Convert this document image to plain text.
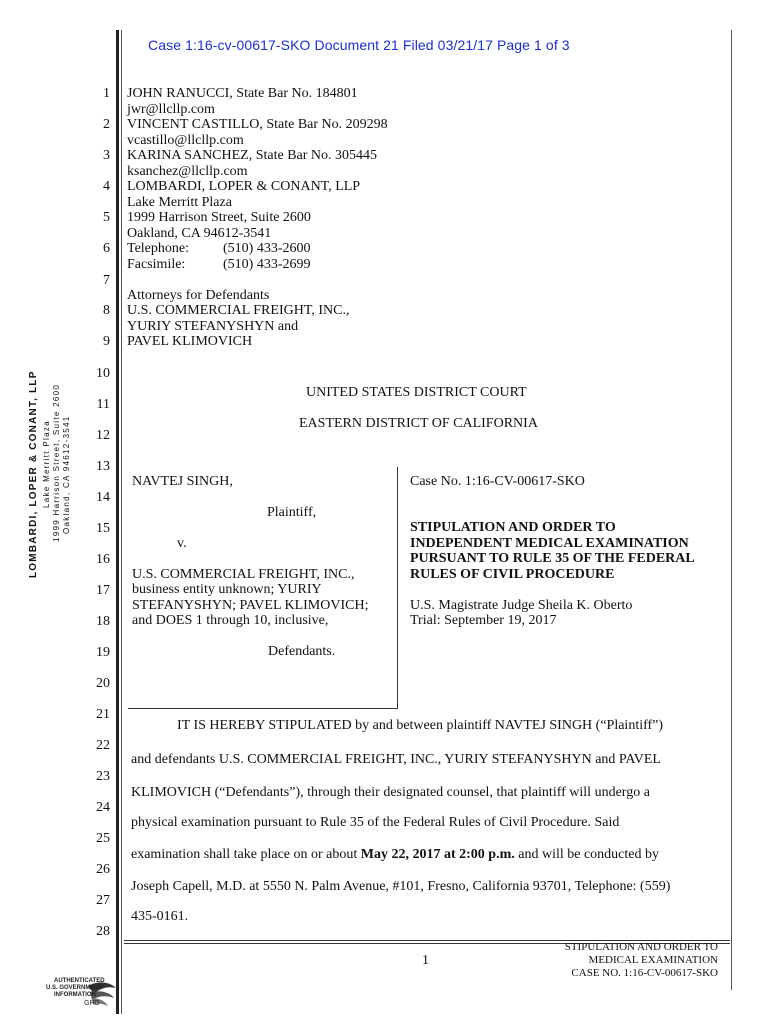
Case 1:16-cv-00617-SKO Document 21 Filed 03/21/17 Page 1 of 3
1
2
3
4
5
6
7
8
9
10
11
12
13
14
15
16
17
18
19
20
21
22
23
24
25
26
27
28
LOMBARDI, LOPER & CONANT, LLP Lake Merritt Plaza 1999 Harrison Street, Suite 2600 Oakland, CA 94612-3541
JOHN RANUCCI, State Bar No. 184801
jwr@llcllp.com
VINCENT CASTILLO, State Bar No. 209298
vcastillo@llcllp.com
KARINA SANCHEZ, State Bar No. 305445
ksanchez@llcllp.com
LOMBARDI, LOPER & CONANT, LLP
Lake Merritt Plaza
1999 Harrison Street, Suite 2600
Oakland, CA 94612-3541
Telephone: (510) 433-2600
Facsimile:	(510) 433-2699
Attorneys for Defendants
U.S. COMMERCIAL FREIGHT, INC.,
YURIY STEFANYSHYN and
PAVEL KLIMOVICH
UNITED STATES DISTRICT COURT
EASTERN DISTRICT OF CALIFORNIA
NAVTEJ SINGH,
Plaintiff,
v.
U.S. COMMERCIAL FREIGHT, INC.,
business entity unknown; YURIY
STEFANYSHYN; PAVEL KLIMOVICH;
and DOES 1 through 10, inclusive,
Defendants.
Case No. 1:16-CV-00617-SKO
STIPULATION AND ORDER TO
INDEPENDENT MEDICAL EXAMINATION
PURSUANT TO RULE 35 OF THE FEDERAL
RULES OF CIVIL PROCEDURE
U.S. Magistrate Judge Sheila K. Oberto
Trial: September 19, 2017
IT IS HEREBY STIPULATED by and between plaintiff NAVTEJ SINGH (“Plaintiff”)
and defendants U.S. COMMERCIAL FREIGHT, INC., YURIY STEFANYSHYN and PAVEL
KLIMOVICH (“Defendants”), through their designated counsel, that plaintiff will undergo a
physical examination pursuant to Rule 35 of the Federal Rules of Civil Procedure. Said
examination shall take place on or about May 22, 2017 at 2:00 p.m. and will be conducted by
Joseph Capell, M.D. at 5550 N. Palm Avenue, #101, Fresno, California 93701, Telephone: (559)
435-0161.
1
STIPULATION AND ORDER TO
MEDICAL EXAMINATION
CASE NO. 1:16-CV-00617-SKO
AUTHENTICATED
U.S. GOVERNMENT
INFORMATION
GPO
